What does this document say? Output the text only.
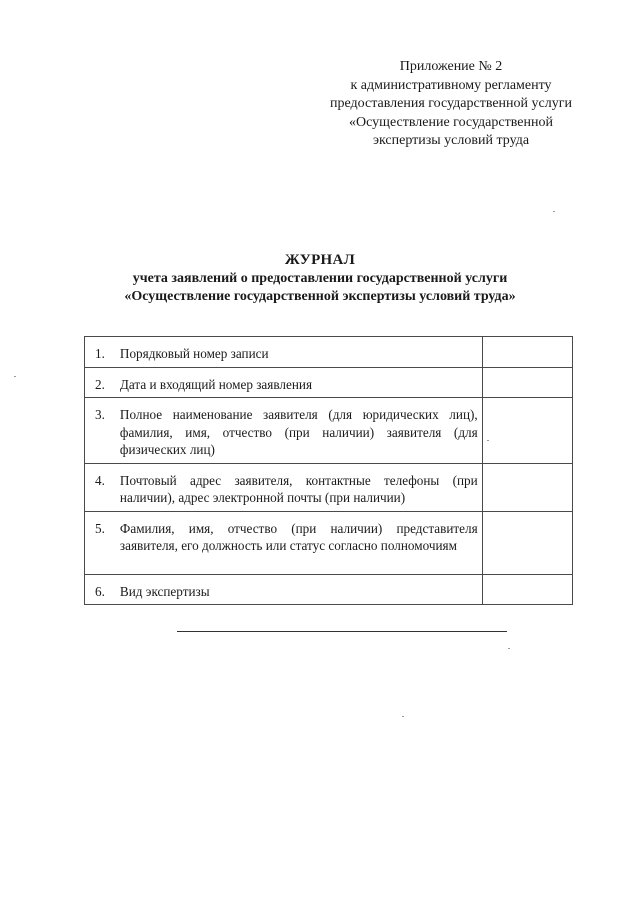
Приложение № 2
к административному регламенту
предоставления государственной услуги
«Осуществление государственной
экспертизы условий труда
ЖУРНАЛ
учета заявлений о предоставлении государственной услуги
«Осуществление государственной экспертизы условий труда»
1.	Порядковый номер записи	
2.	Дата и входящий номер заявления	
3.	Полное наименование заявителя (для юридических лиц), фамилия, имя, отчество (при наличии) заявителя (для физических лиц)	
4.	Почтовый адрес заявителя, контактные телефоны (при наличии), адрес электронной почты (при наличии)	
5.	Фамилия, имя, отчество (при наличии) представителя заявителя, его должность или статус согласно полномочиям	
6.	Вид экспертизы	
